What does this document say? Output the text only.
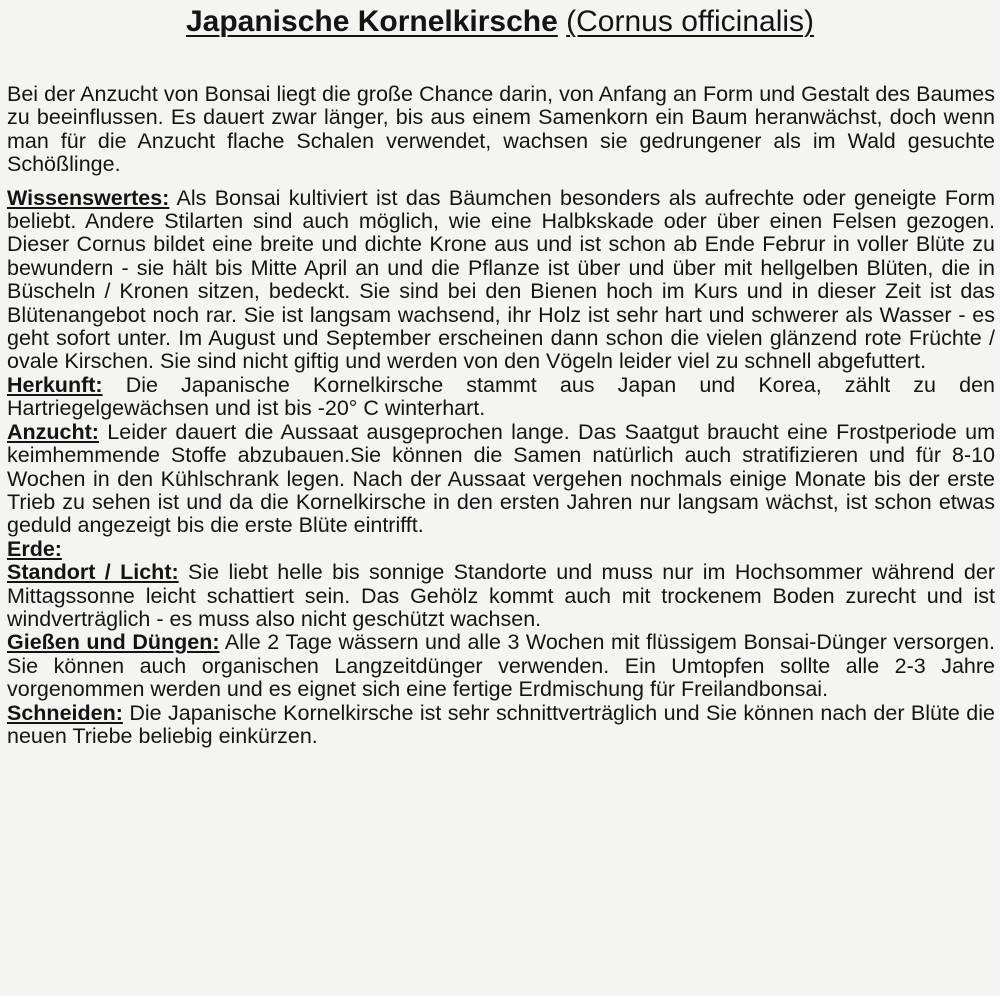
Japanische Kornelkirsche (Cornus officinalis)

Bei der Anzucht von Bonsai liegt die große Chance darin, von Anfang an Form und Gestalt des Baumes zu beeinflussen. Es dauert zwar länger, bis aus einem Samenkorn ein Baum heranwächst, doch wenn man für die Anzucht flache Schalen verwendet, wachsen sie gedrungener als im Wald gesuchte Schößlinge.

Wissenswertes: Als Bonsai kultiviert ist das Bäumchen besonders als aufrechte oder geneigte Form beliebt. Andere Stilarten sind auch möglich, wie eine Halbkskade oder über einen Felsen gezogen. Dieser Cornus bildet eine breite und dichte Krone aus und ist schon ab Ende Februr in voller Blüte zu bewundern - sie hält bis Mitte April an und die Pflanze ist über und über mit hellgelben Blüten, die in Büscheln / Kronen sitzen, bedeckt. Sie sind bei den Bienen hoch im Kurs und in dieser Zeit ist das Blütenangebot noch rar. Sie ist langsam wachsend, ihr Holz ist sehr hart und schwerer als Wasser - es geht sofort unter. Im August und September erscheinen dann schon die vielen glänzend rote Früchte / ovale Kirschen. Sie sind nicht giftig und werden von den Vögeln leider viel zu schnell abgefuttert.

Herkunft: Die Japanische Kornelkirsche stammt aus Japan und Korea, zählt zu den Hartriegelgewächsen und ist bis -20° C winterhart.

Anzucht: Leider dauert die Aussaat ausgeprochen lange. Das Saatgut braucht eine Frostperiode um keimhemmende Stoffe abzubauen.Sie können die Samen natürlich auch stratifizieren und für 8-10 Wochen in den Kühlschrank legen. Nach der Aussaat vergehen nochmals einige Monate bis der erste Trieb zu sehen ist und da die Kornelkirsche in den ersten Jahren nur langsam wächst, ist schon etwas geduld angezeigt bis die erste Blüte eintrifft.

Erde:

Standort / Licht: Sie liebt helle bis sonnige Standorte und muss nur im Hochsommer während der Mittagssonne leicht schattiert sein. Das Gehölz kommt auch mit trockenem Boden zurecht und ist windverträglich - es muss also nicht geschützt wachsen.

Gießen und Düngen: Alle 2 Tage wässern und alle 3 Wochen mit flüssigem Bonsai-Dünger versorgen. Sie können auch organischen Langzeitdünger verwenden. Ein Umtopfen sollte alle 2-3 Jahre vorgenommen werden und es eignet sich eine fertige Erdmischung für Freilandbonsai.

Schneiden: Die Japanische Kornelkirsche ist sehr schnittverträglich und Sie können nach der Blüte die neuen Triebe beliebig einkürzen.
